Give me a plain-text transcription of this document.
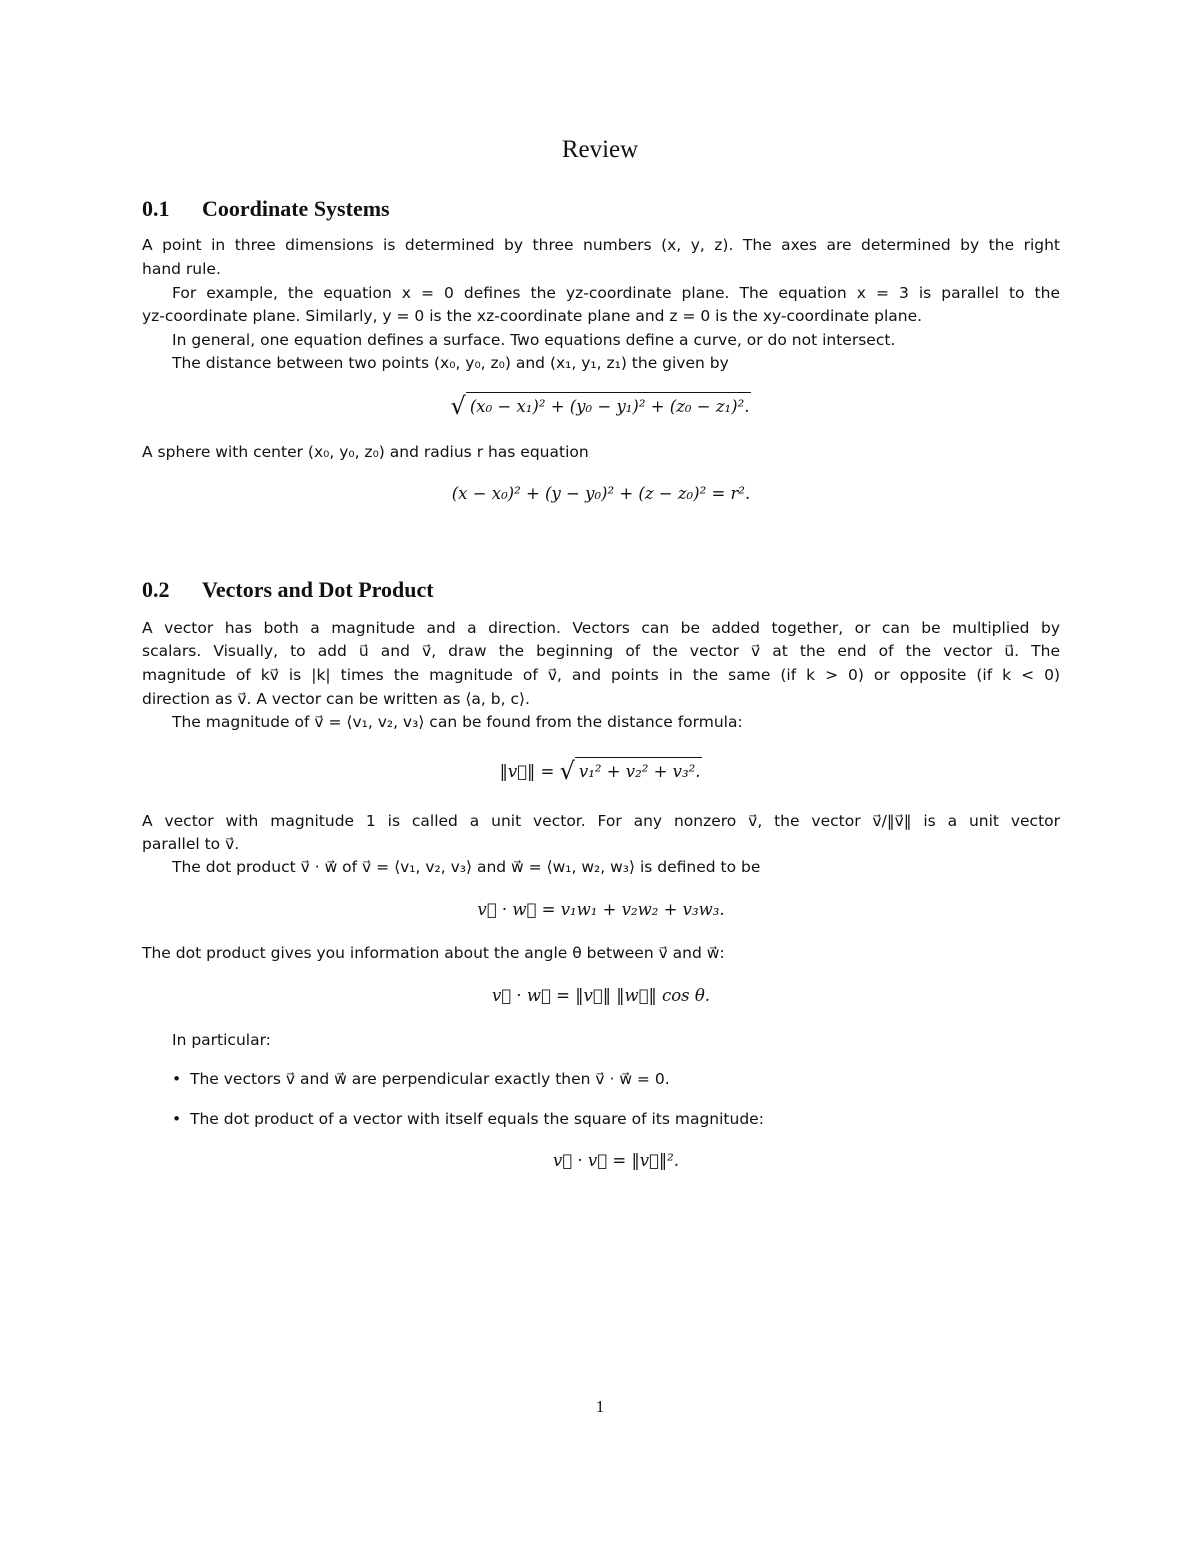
Review
0.1 Coordinate Systems
A point in three dimensions is determined by three numbers (x, y, z). The axes are determined by the right
hand rule.
For example, the equation x = 0 defines the yz-coordinate plane. The equation x = 3 is parallel to the
yz-coordinate plane. Similarly, y = 0 is the xz-coordinate plane and z = 0 is the xy-coordinate plane.
In general, one equation defines a surface. Two equations define a curve, or do not intersect.
The distance between two points (x₀, y₀, z₀) and (x₁, y₁, z₁) the given by
√ (x₀ − x₁)² + (y₀ − y₁)² + (z₀ − z₁)².
A sphere with center (x₀, y₀, z₀) and radius r has equation
(x − x₀)² + (y − y₀)² + (z − z₀)² = r².
0.2 Vectors and Dot Product
A vector has both a magnitude and a direction. Vectors can be added together, or can be multiplied by
scalars. Visually, to add u⃗ and v⃗, draw the beginning of the vector v⃗ at the end of the vector u⃗. The
magnitude of kv⃗ is |k| times the magnitude of v⃗, and points in the same (if k > 0) or opposite (if k < 0)
direction as v⃗. A vector can be written as ⟨a, b, c⟩.
The magnitude of v⃗ = ⟨v₁, v₂, v₃⟩ can be found from the distance formula:
‖v⃗‖ = √ v₁² + v₂² + v₃².
A vector with magnitude 1 is called a unit vector. For any nonzero v⃗, the vector v⃗/‖v⃗‖ is a unit vector
parallel to v⃗.
The dot product v⃗ · w⃗ of v⃗ = ⟨v₁, v₂, v₃⟩ and w⃗ = ⟨w₁, w₂, w₃⟩ is defined to be
v⃗ · w⃗ = v₁w₁ + v₂w₂ + v₃w₃.
The dot product gives you information about the angle θ between v⃗ and w⃗:
v⃗ · w⃗ = ‖v⃗‖ ‖w⃗‖ cos θ.
In particular:
• The vectors v⃗ and w⃗ are perpendicular exactly then v⃗ · w⃗ = 0.
• The dot product of a vector with itself equals the square of its magnitude:
v⃗ · v⃗ = ‖v⃗‖².
1
